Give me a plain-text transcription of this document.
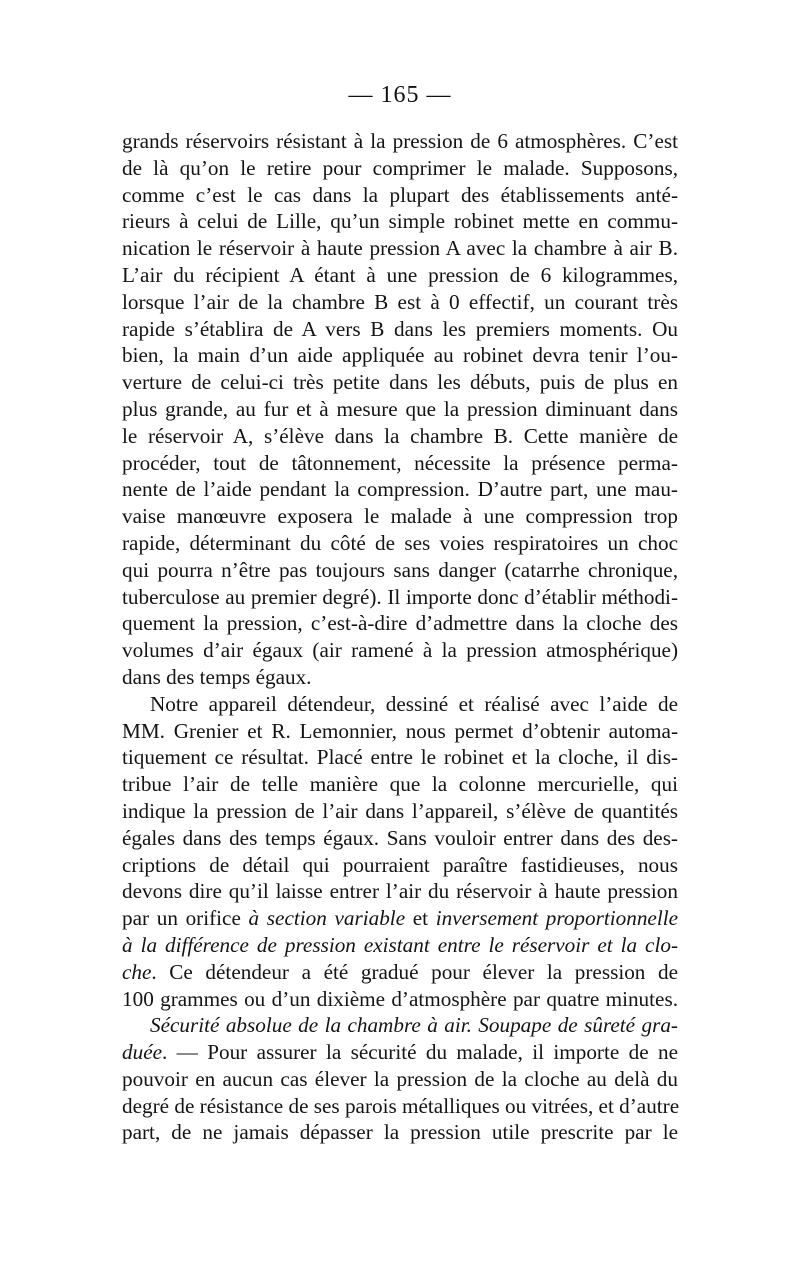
— 165 —
grands réservoirs résistant à la pression de 6 atmosphères. C’est
de là qu’on le retire pour comprimer le malade. Supposons,
comme c’est le cas dans la plupart des établissements anté-
rieurs à celui de Lille, qu’un simple robinet mette en commu-
nication le réservoir à haute pression A avec la chambre à air B.
L’air du récipient A étant à une pression de 6 kilogrammes,
lorsque l’air de la chambre B est à 0 effectif, un courant très
rapide s’établira de A vers B dans les premiers moments. Ou
bien, la main d’un aide appliquée au robinet devra tenir l’ou-
verture de celui-ci très petite dans les débuts, puis de plus en
plus grande, au fur et à mesure que la pression diminuant dans
le réservoir A, s’élève dans la chambre B. Cette manière de
procéder, tout de tâtonnement, nécessite la présence perma-
nente de l’aide pendant la compression. D’autre part, une mau-
vaise manœuvre exposera le malade à une compression trop
rapide, déterminant du côté de ses voies respiratoires un choc
qui pourra n’être pas toujours sans danger (catarrhe chronique,
tuberculose au premier degré). Il importe donc d’établir méthodi-
quement la pression, c’est-à-dire d’admettre dans la cloche des
volumes d’air égaux (air ramené à la pression atmosphérique)
dans des temps égaux.
Notre appareil détendeur, dessiné et réalisé avec l’aide de
MM. Grenier et R. Lemonnier, nous permet d’obtenir automa-
tiquement ce résultat. Placé entre le robinet et la cloche, il dis-
tribue l’air de telle manière que la colonne mercurielle, qui
indique la pression de l’air dans l’appareil, s’élève de quantités
égales dans des temps égaux. Sans vouloir entrer dans des des-
criptions de détail qui pourraient paraître fastidieuses, nous
devons dire qu’il laisse entrer l’air du réservoir à haute pression
par un orifice à section variable et inversement proportionnelle
à la différence de pression existant entre le réservoir et la clo-
che. Ce détendeur a été gradué pour élever la pression de
100 grammes ou d’un dixième d’atmosphère par quatre minutes.
Sécurité absolue de la chambre à air. Soupape de sûreté gra-
duée. — Pour assurer la sécurité du malade, il importe de ne
pouvoir en aucun cas élever la pression de la cloche au delà du
degré de résistance de ses parois métalliques ou vitrées, et d’autre
part, de ne jamais dépasser la pression utile prescrite par le
